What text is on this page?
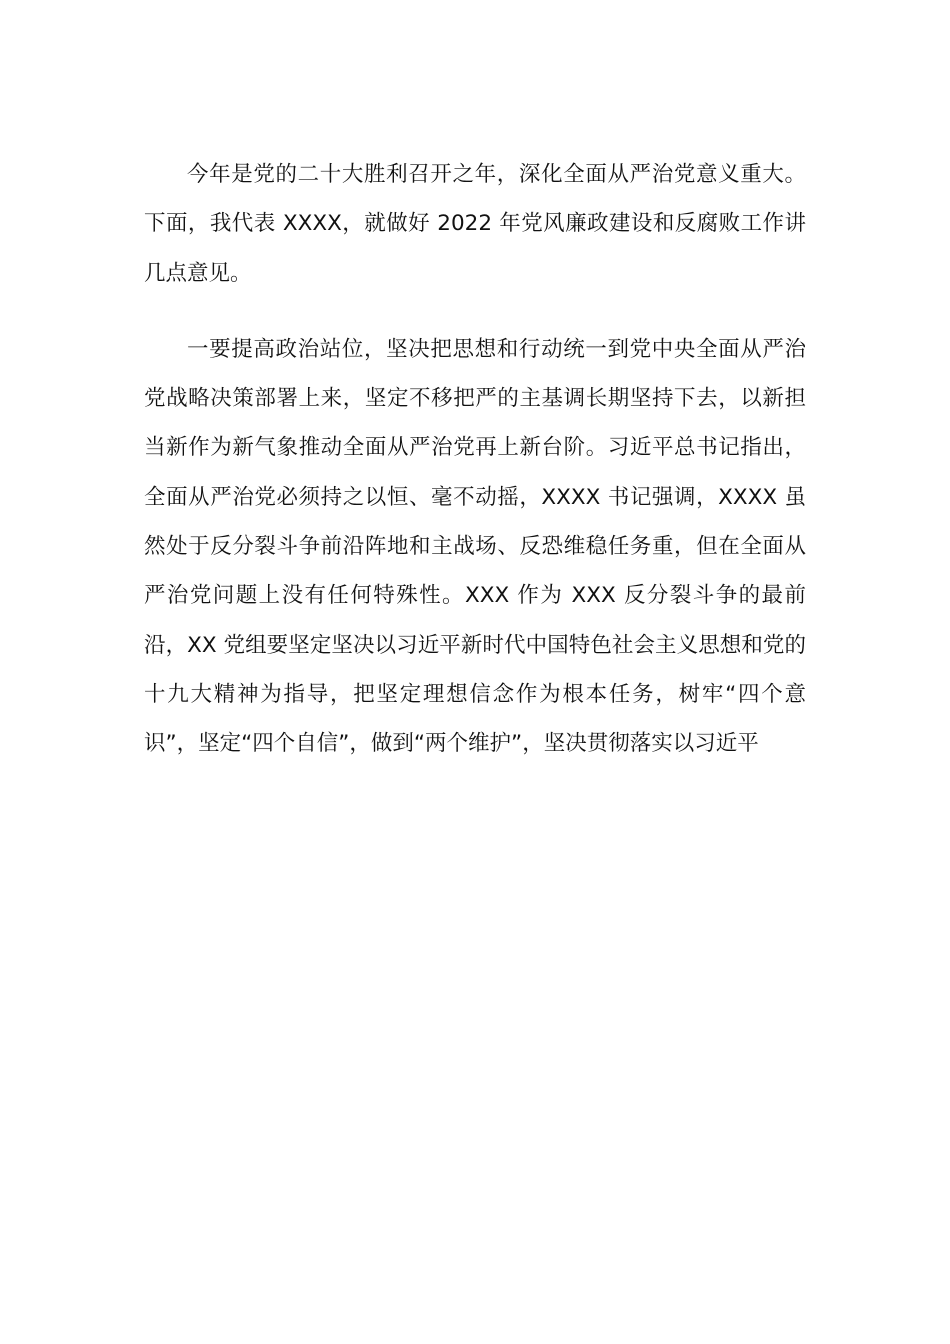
今年是党的二十大胜利召开之年，深化全面从严治党意义重大。下面，我代表 XXXX，就做好 2022 年党风廉政建设和反腐败工作讲几点意见。

一要提高政治站位，坚决把思想和行动统一到党中央全面从严治党战略决策部署上来，坚定不移把严的主基调长期坚持下去，以新担当新作为新气象推动全面从严治党再上新台阶。习近平总书记指出，全面从严治党必须持之以恒、毫不动摇，XXXX 书记强调，XXXX 虽然处于反分裂斗争前沿阵地和主战场、反恐维稳任务重，但在全面从严治党问题上没有任何特殊性。XXX 作为 XXX 反分裂斗争的最前沿，XX 党组要坚定坚决以习近平新时代中国特色社会主义思想和党的十九大精神为指导，把坚定理想信念作为根本任务，树牢“四个意识”，坚定“四个自信”，做到“两个维护”，坚决贯彻落实以习近平
